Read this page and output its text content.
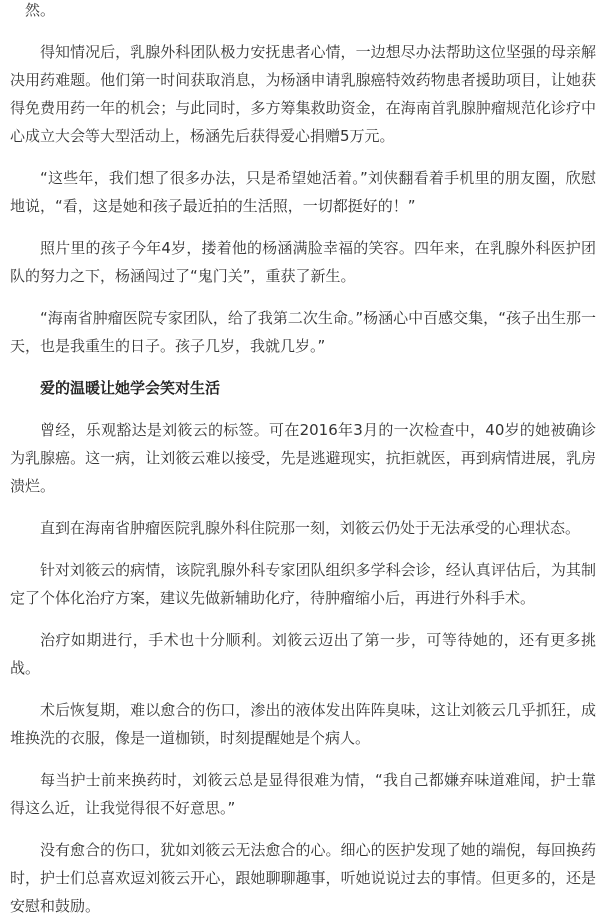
然。

得知情况后，乳腺外科团队极力安抚患者心情，一边想尽办法帮助这位坚强的母亲解决用药难题。他们第一时间获取消息，为杨涵申请乳腺癌特效药物患者援助项目，让她获得免费用药一年的机会；与此同时，多方筹集救助资金，在海南首乳腺肿瘤规范化诊疗中心成立大会等大型活动上，杨涵先后获得爱心捐赠5万元。

“这些年，我们想了很多办法，只是希望她活着。”刘侠翻看着手机里的朋友圈，欣慰地说，“看，这是她和孩子最近拍的生活照，一切都挺好的！”

照片里的孩子今年4岁，搂着他的杨涵满脸幸福的笑容。四年来，在乳腺外科医护团队的努力之下，杨涵闯过了“鬼门关”，重获了新生。

“海南省肿瘤医院专家团队，给了我第二次生命。”杨涵心中百感交集，“孩子出生那一天，也是我重生的日子。孩子几岁，我就几岁。”

爱的温暖让她学会笑对生活

曾经，乐观豁达是刘筱云的标签。可在2016年3月的一次检查中，40岁的她被确诊为乳腺癌。这一病，让刘筱云难以接受，先是逃避现实，抗拒就医，再到病情进展，乳房溃烂。

直到在海南省肿瘤医院乳腺外科住院那一刻，刘筱云仍处于无法承受的心理状态。

针对刘筱云的病情，该院乳腺外科专家团队组织多学科会诊，经认真评估后，为其制定了个体化治疗方案，建议先做新辅助化疗，待肿瘤缩小后，再进行外科手术。

治疗如期进行，手术也十分顺利。刘筱云迈出了第一步，可等待她的，还有更多挑战。

术后恢复期，难以愈合的伤口，渗出的液体发出阵阵臭味，这让刘筱云几乎抓狂，成堆换洗的衣服，像是一道枷锁，时刻提醒她是个病人。

每当护士前来换药时，刘筱云总是显得很难为情，“我自己都嫌弃味道难闻，护士靠得这么近，让我觉得很不好意思。”

没有愈合的伤口，犹如刘筱云无法愈合的心。细心的医护发现了她的端倪，每回换药时，护士们总喜欢逗刘筱云开心，跟她聊聊趣事，听她说说过去的事情。但更多的，还是安慰和鼓励。
